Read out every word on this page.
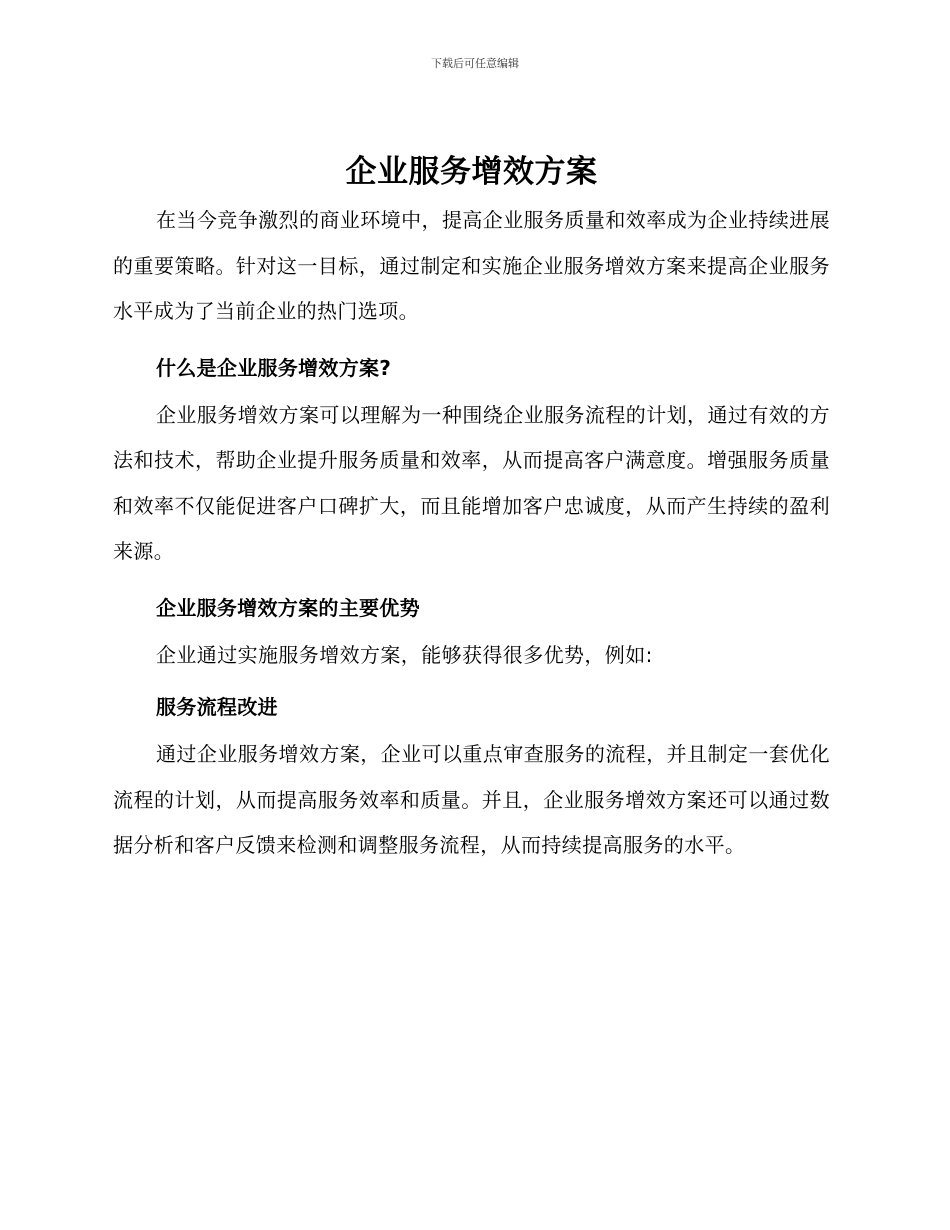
下载后可任意编辑
企业服务增效方案

在当今竞争激烈的商业环境中，提高企业服务质量和效率成为企业持续进展的重要策略。针对这一目标，通过制定和实施企业服务增效方案来提高企业服务水平成为了当前企业的热门选项。

什么是企业服务增效方案?

企业服务增效方案可以理解为一种围绕企业服务流程的计划，通过有效的方法和技术，帮助企业提升服务质量和效率，从而提高客户满意度。增强服务质量和效率不仅能促进客户口碑扩大，而且能增加客户忠诚度，从而产生持续的盈利来源。

企业服务增效方案的主要优势

企业通过实施服务增效方案，能够获得很多优势，例如:

服务流程改进

通过企业服务增效方案，企业可以重点审查服务的流程，并且制定一套优化流程的计划，从而提高服务效率和质量。并且，企业服务增效方案还可以通过数据分析和客户反馈来检测和调整服务流程，从而持续提高服务的水平。
